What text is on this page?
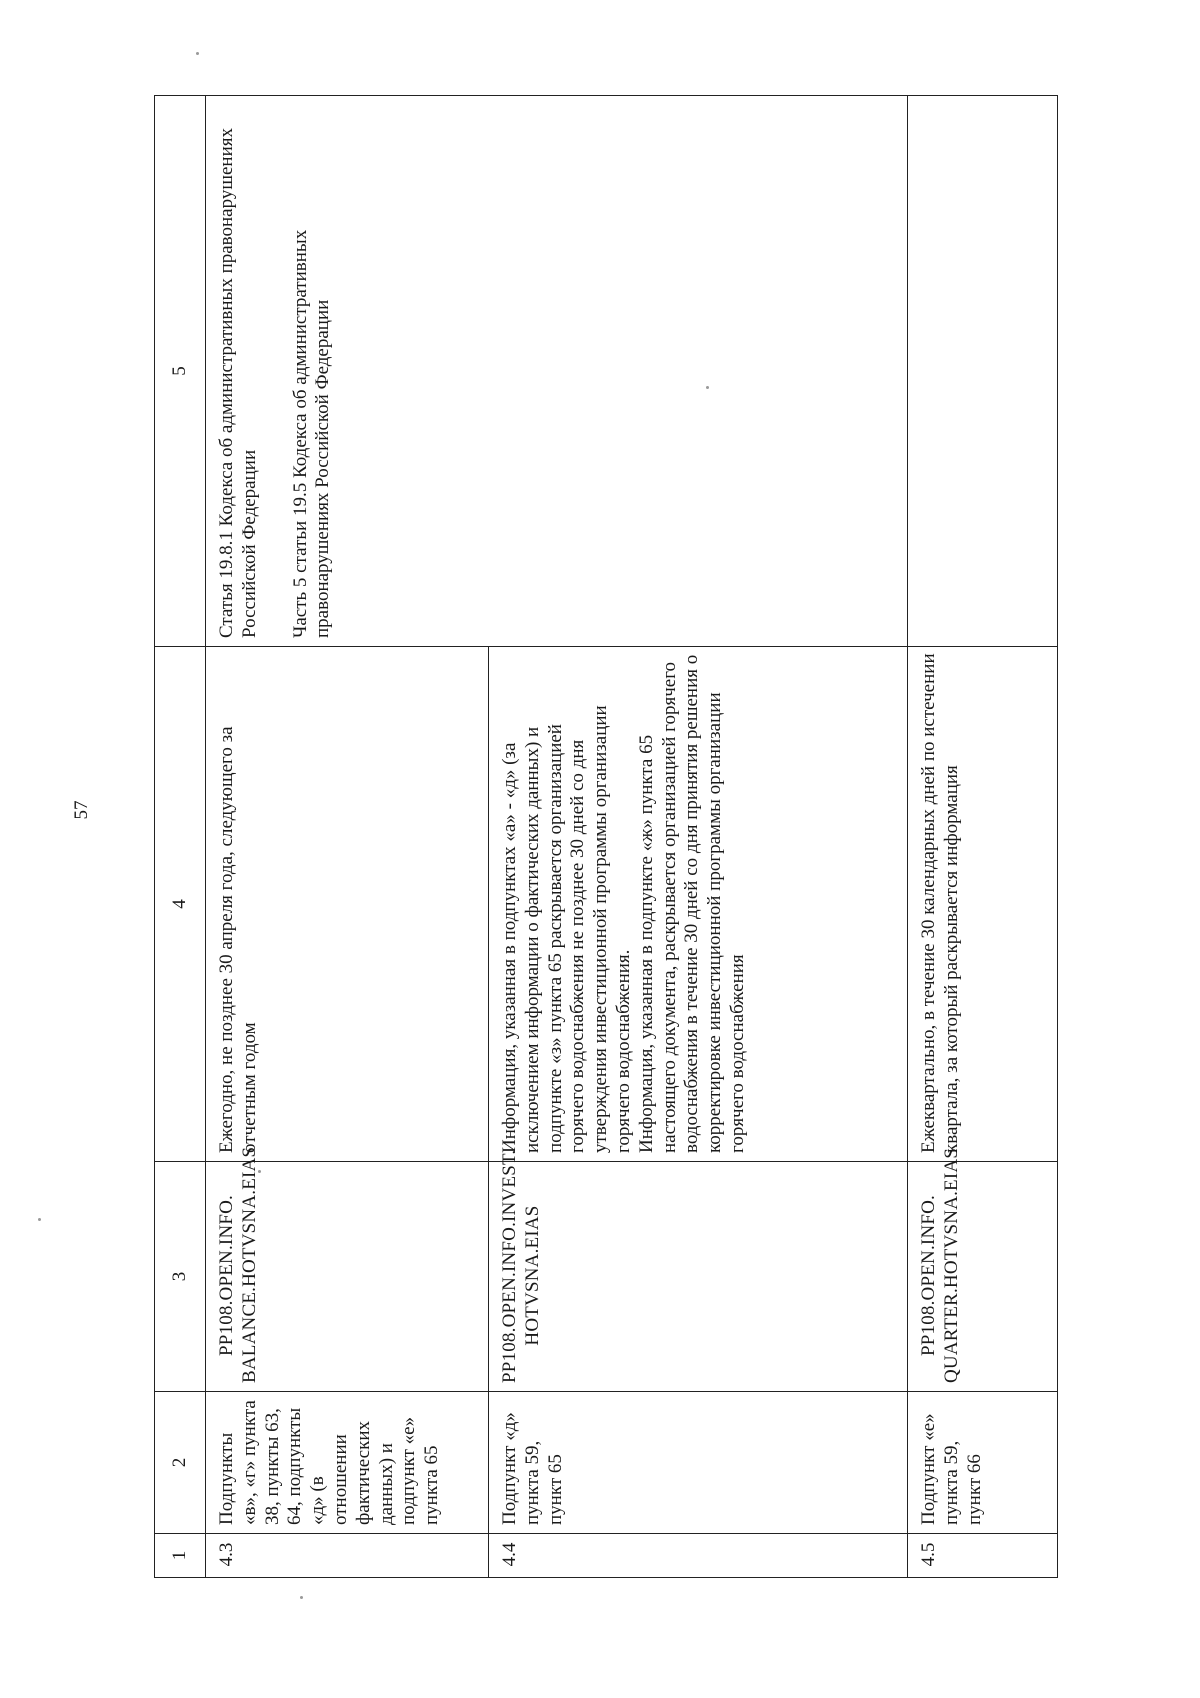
57
1	2	3	4	5
4.3	Подпункты «в», «г» пункта 38, пункты 63, 64, подпункты «д» (в отношении фактических данных) и подпункт «е» пункта 65	PP108.OPEN.INFO. BALANCE.HOTVSNA.EIAS	Ежегодно, не позднее 30 апреля года, следующего за отчетным годом	Статья 19.8.1 Кодекса об административных правонарушениях Российской Федерации Часть 5 статьи 19.5 Кодекса об административных правонарушениях Российской Федерации

4.4	Подпункт «д» пункта 59, пункт 65	PP108.OPEN.INFO.INVEST. HOTVSNA.EIAS	Информация, указанная в подпунктах «а» - «д» (за исключением информации о фактических данных) и подпункте «з» пункта 65 раскрывается организацией горячего водоснабжения не позднее 30 дней со дня утверждения инвестиционной программы организации горячего водоснабжения. Информация, указанная в подпункте «ж» пункта 65 настоящего документа, раскрывается организацией горячего водоснабжения в течение 30 дней со дня принятия решения о корректировке инвестиционной программы организации горячего водоснабжения	

4.5	Подпункт «е» пункта 59, пункт 66	PP108.OPEN.INFO. QUARTER.HOTVSNA.EIAS	Ежеквартально, в течение 30 календарных дней по истечении квартала, за который раскрывается информация	
